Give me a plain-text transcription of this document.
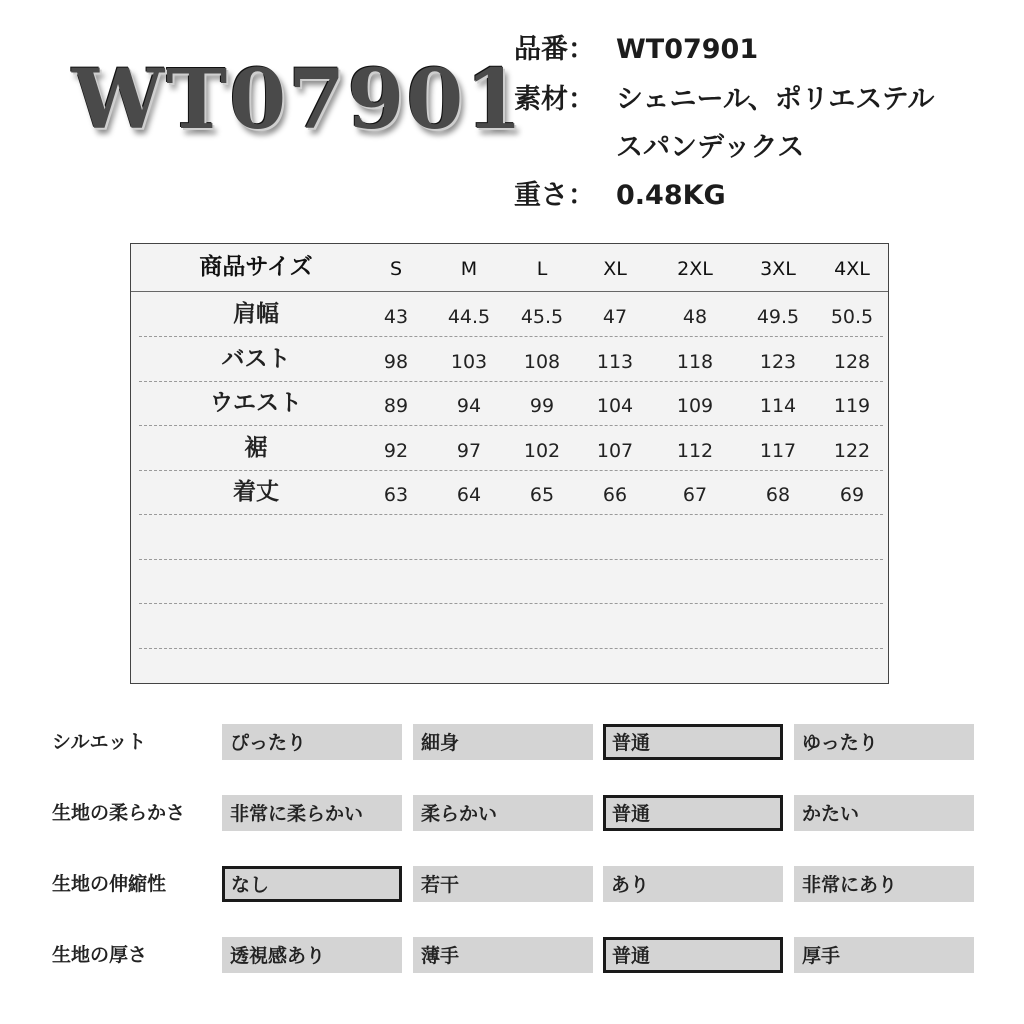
WT07901
品番： WT07901
素材： シェニール、ポリエステル
スパンデックス
重さ： 0.48KG
商品サイズ	S	M	L	XL	2XL	3XL	4XL
肩幅	43	44.5	45.5	47	48	49.5	50.5
バスト	98	103	108	113	118	123	128
ウエスト	89	94	99	104	109	114	119
裾	92	97	102	107	112	117	122
着丈	63	64	65	66	67	68	69
シルエット	ぴったり	細身	普通	ゆったり
生地の柔らかさ	非常に柔らかい	柔らかい	普通	かたい
生地の伸縮性	なし	若干	あり	非常にあり
生地の厚さ	透視感あり	薄手	普通	厚手
